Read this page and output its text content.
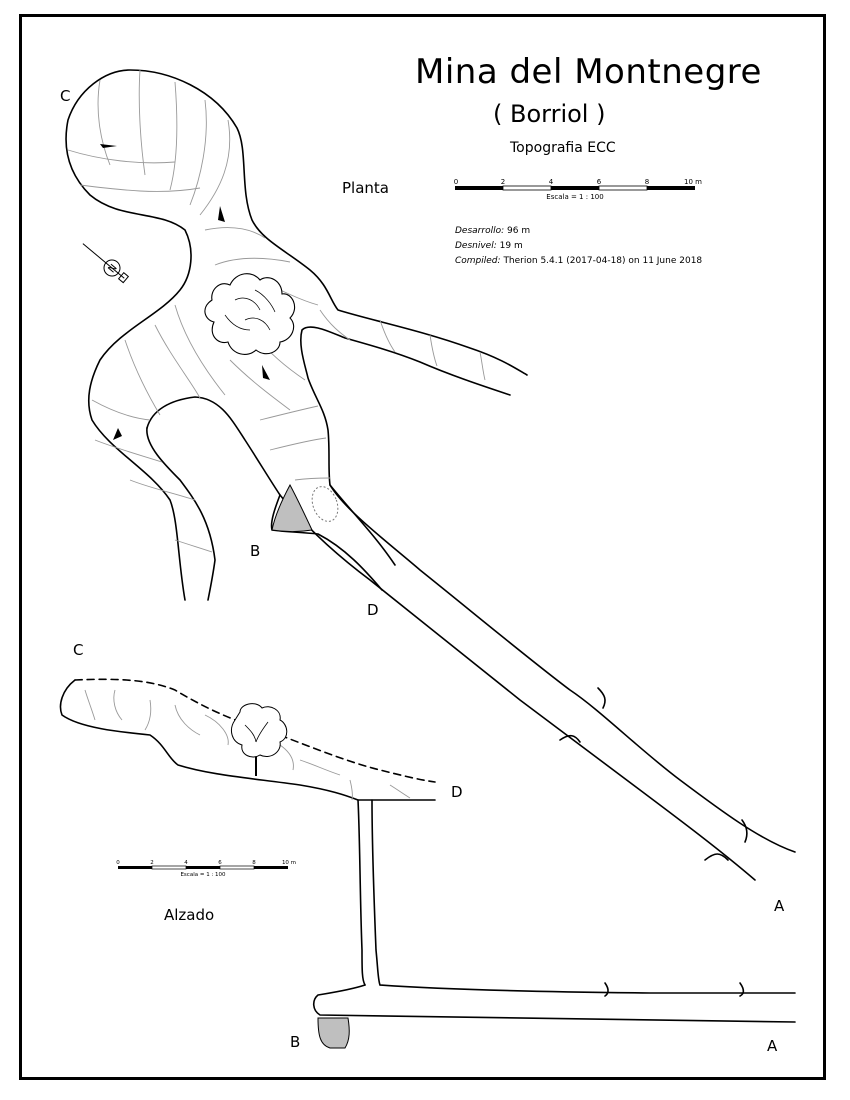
Mina del Montnegre
( Borriol )
Topografia ECC
Planta
Alzado
Desarrollo: 96 m
Desnivel: 19 m
Compiled: Therion 5.4.1 (2017-04-18) on 11 June 2018
C
B
D
A
C
D
B	A
0	2	4	6	8	10 m
Escala = 1 : 100
0	2	4	6	8	10 m
Escala = 1 : 100
N
